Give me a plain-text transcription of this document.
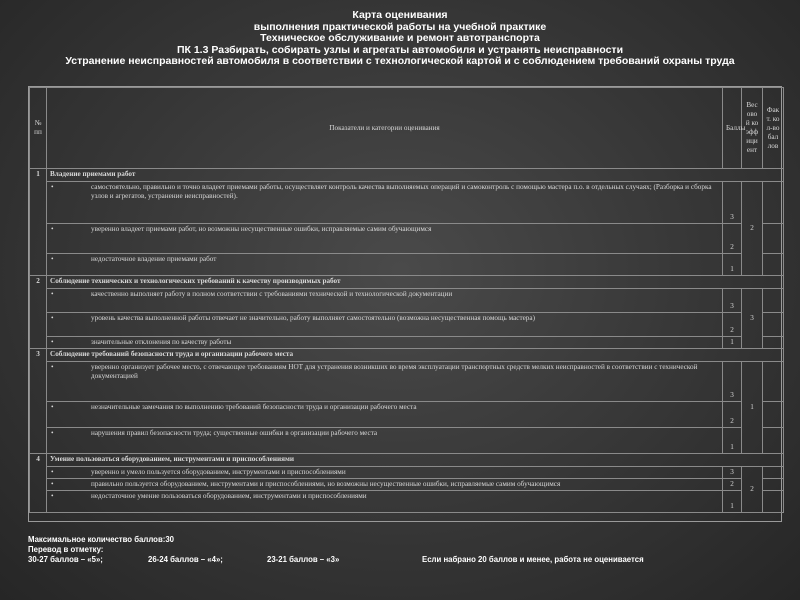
Карта оценивания
выполнения практической работы на учебной практике
Техническое обслуживание и ремонт автотранспорта
ПК 1.3 Разбирать, собирать узлы и агрегаты автомобиля и устранять неисправности
Устранение неисправностей автомобиля в соответствии с технологической картой и с соблюдением требований охраны труда
№ пп	Показатели и категории оценивания	Баллы	Весовой коэффициент	Факт. кол-во баллов
1	Владение приемами работ			

	• самостоятельно, правильно и точно владеет приемами работы, осуществляет контроль качества выполняемых операций и самоконтроль с помощью мастера п.о. в отдельных случаях; (Разборка и сборка узлов и агрегатов, устранение неисправностей).	3	2	

	• уверенно владеет приемами работ, но возможны несущественные ошибки, исправляемые самим обучающимся	2		

	• недостаточное владение приемами работ	1		
2	Соблюдение технических и технологических требований к качеству производимых работ			

	• качественно выполняет работу в полном соответствии с требованиями технической и технологической документации	3	3	

	• уровень качества выполненной работы отвечает не значительно, работу выполняет самостоятельно (возможна несущественная помощь мастера)	2		

	• значительные отклонения по качеству работы	1		
3	Соблюдение требований безопасности труда и организации рабочего места			

	• уверенно организует рабочее место, с отвечающее требованиям НОТ для устранения возникших во время эксплуатации транспортных средств мелких неисправностей в соответствии с технической документацией	3	1	

	• незначительные замечания по выполнению требований безопасности труда и организации рабочего места	2		

	• нарушения правил безопасности труда; существенные ошибки в организации рабочего места	1		
4	Умение пользоваться оборудованием, инструментами и приспособлениями			

	• уверенно и умело пользуется оборудованием, инструментами и приспособлениями	3	2	

	• правильно пользуется оборудованием, инструментами и приспособлениями, но возможны несущественные ошибки, исправляемые самим обучающимся	2		

	• недостаточное умение пользоваться оборудованием, инструментами и приспособлениями	1		
Максимальное количество баллов:30
Перевод в отметку:
30-27 баллов – «5»;	26-24 баллов – «4»;	23-21 баллов – «3»	Если набрано 20 баллов и менее, работа не оценивается
